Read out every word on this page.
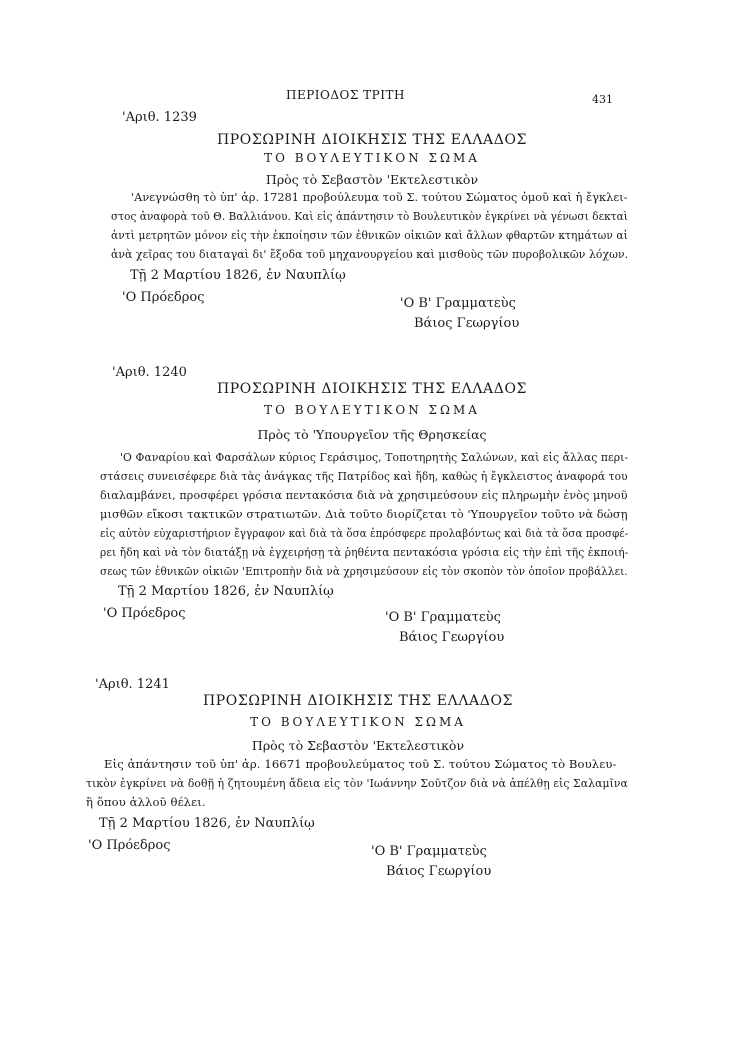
ΠΕΡΙΟΔΟΣ ΤΡΙΤΗ	431
'Αριθ. 1239
ΠΡΟΣΩΡΙΝΗ ΔΙΟΙΚΗΣΙΣ ΤΗΣ ΕΛΛΑΔΟΣ
ΤΟ ΒΟΥΛΕΥΤΙΚΟΝ ΣΩΜΑ
Πρὸς τὸ Σεβαστὸν 'Εκτελεστικὸν
'Ανεγνώσθη τὸ ὑπ' ἀρ. 17281 προβούλευμα τοῦ Σ. τούτου Σώματος ὁμοῦ καὶ ἡ ἔγκλει-
στος ἀναφορὰ τοῦ Θ. Βαλλιάνου. Καὶ εἰς ἀπάντησιν τὸ Βουλευτικὸν ἐγκρίνει νὰ γένωσι δεκταὶ
ἀντὶ μετρητῶν μόνον εἰς τὴν ἐκποίησιν τῶν ἐθνικῶν οἰκιῶν καὶ ἄλλων φθαρτῶν κτημάτων αἱ
ἀνὰ χεῖρας του διαταγαὶ δι' ἔξοδα τοῦ μηχανουργείου καὶ μισθοὺς τῶν πυροβολικῶν λόχων.
Τῇ 2 Μαρτίου 1826, ἐν Ναυπλίῳ
'Ο Πρόεδρος	'Ο Β' Γραμματεὺς
Βάιος Γεωργίου
'Αριθ. 1240
ΠΡΟΣΩΡΙΝΗ ΔΙΟΙΚΗΣΙΣ ΤΗΣ ΕΛΛΑΔΟΣ
ΤΟ ΒΟΥΛΕΥΤΙΚΟΝ ΣΩΜΑ
Πρὸς τὸ 'Υπουργεῖον τῆς Θρησκείας
'Ο Φαναρίου καὶ Φαρσάλων κύριος Γεράσιμος, Τοποτηρητὴς Σαλώνων, καὶ εἰς ἄλλας περι-
στάσεις συνεισέφερε διὰ τὰς ἀνάγκας τῆς Πατρίδος καὶ ἤδη, καθὼς ἡ ἔγκλειστος ἀναφορά του
διαλαμβάνει, προσφέρει γρόσια πεντακόσια διὰ νὰ χρησιμεύσουν εἰς πληρωμὴν ἑνὸς μηνοῦ
μισθῶν εἴκοσι τακτικῶν στρατιωτῶν. Διὰ τοῦτο διορίζεται τὸ 'Υπουργεῖον τοῦτο νὰ δώσῃ
εἰς αὐτὸν εὐχαριστήριον ἔγγραφον καὶ διὰ τὰ ὅσα ἐπρόσφερε προλαβόντως καὶ διὰ τὰ ὅσα προσφέ-
ρει ἤδη καὶ νὰ τὸν διατάξῃ νὰ ἐγχειρήσῃ τὰ ῥηθέντα πεντακόσια γρόσια εἰς τὴν ἐπὶ τῆς ἐκποιή-
σεως τῶν ἐθνικῶν οἰκιῶν 'Επιτροπὴν διὰ νὰ χρησιμεύσουν εἰς τὸν σκοπὸν τὸν ὁποῖον προβάλλει.
Τῇ 2 Μαρτίου 1826, ἐν Ναυπλίῳ
'Ο Πρόεδρος	'Ο Β' Γραμματεὺς
Βάιος Γεωργίου
'Αριθ. 1241
ΠΡΟΣΩΡΙΝΗ ΔΙΟΙΚΗΣΙΣ ΤΗΣ ΕΛΛΑΔΟΣ
ΤΟ ΒΟΥΛΕΥΤΙΚΟΝ ΣΩΜΑ
Πρὸς τὸ Σεβαστὸν 'Εκτελεστικὸν
Εἰς ἀπάντησιν τοῦ ὑπ' ἀρ. 16671 προβουλεύματος τοῦ Σ. τούτου Σώματος τὸ Βουλευ-
τικὸν ἐγκρίνει νὰ δοθῇ ἡ ζητουμένη ἄδεια εἰς τὸν 'Ιωάννην Σοῦτζον διὰ νὰ ἀπέλθῃ εἰς Σαλαμῖνα
ἢ ὅπου ἀλλοῦ θέλει.
Τῇ 2 Μαρτίου 1826, ἐν Ναυπλίῳ
'Ο Πρόεδρος	'Ο Β' Γραμματεὺς
Βάιος Γεωργίου
